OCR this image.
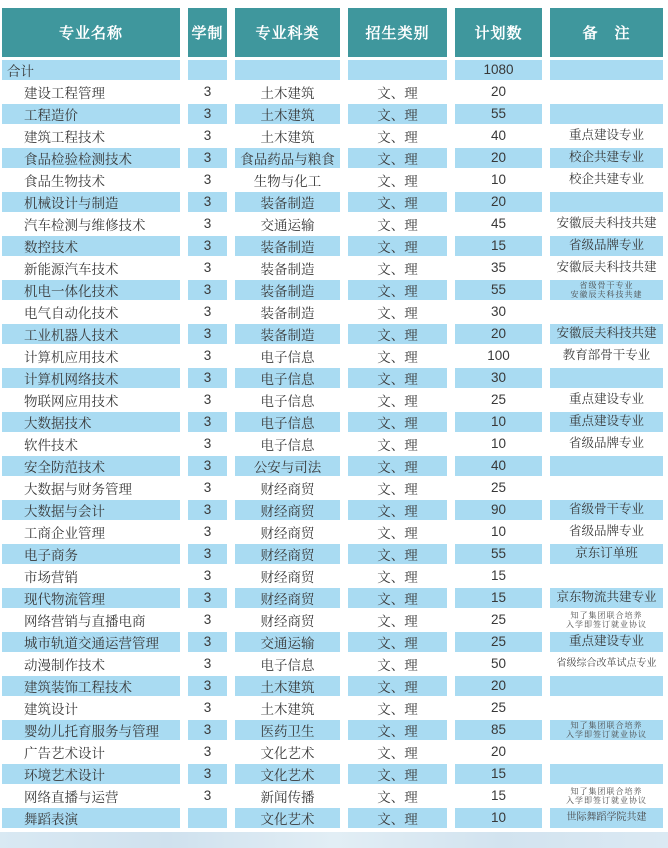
专业名称	学制	专业科类	招生类别	计划数	备　注
合计				1080	
建设工程管理	3	土木建筑	文、理	20	
工程造价	3	土木建筑	文、理	55	
建筑工程技术	3	土木建筑	文、理	40	重点建设专业

食品检验检测技术	3	食品药品与粮食	文、理	20	校企共建专业

食品生物技术	3	生物与化工	文、理	10	校企共建专业

机械设计与制造	3	装备制造	文、理	20	
汽车检测与维修技术	3	交通运输	文、理	45	安徽辰夫科技共建

数控技术	3	装备制造	文、理	15	省级品牌专业

新能源汽车技术	3	装备制造	文、理	35	安徽辰夫科技共建

机电一体化技术	3	装备制造	文、理	55	省级骨干专业
安徽辰夫科技共建

电气自动化技术	3	装备制造	文、理	30	
工业机器人技术	3	装备制造	文、理	20	安徽辰夫科技共建

计算机应用技术	3	电子信息	文、理	100	教育部骨干专业

计算机网络技术	3	电子信息	文、理	30	
物联网应用技术	3	电子信息	文、理	25	重点建设专业

大数据技术	3	电子信息	文、理	10	重点建设专业

软件技术	3	电子信息	文、理	10	省级品牌专业

安全防范技术	3	公安与司法	文、理	40	
大数据与财务管理	3	财经商贸	文、理	25	
大数据与会计	3	财经商贸	文、理	90	省级骨干专业

工商企业管理	3	财经商贸	文、理	10	省级品牌专业

电子商务	3	财经商贸	文、理	55	京东订单班

市场营销	3	财经商贸	文、理	15	
现代物流管理	3	财经商贸	文、理	15	京东物流共建专业

网络营销与直播电商	3	财经商贸	文、理	25	知了集团联合培养
入学即签订就业协议

城市轨道交通运营管理	3	交通运输	文、理	25	重点建设专业

动漫制作技术	3	电子信息	文、理	50	省级综合改革试点专业

建筑装饰工程技术	3	土木建筑	文、理	20	
建筑设计	3	土木建筑	文、理	25	
婴幼儿托育服务与管理	3	医药卫生	文、理	85	知了集团联合培养
入学即签订就业协议

广告艺术设计	3	文化艺术	文、理	20	
环境艺术设计	3	文化艺术	文、理	15	
网络直播与运营	3	新闻传播	文、理	15	知了集团联合培养
入学即签订就业协议

舞蹈表演		文化艺术	文、理	10	世际舞蹈学院共建
